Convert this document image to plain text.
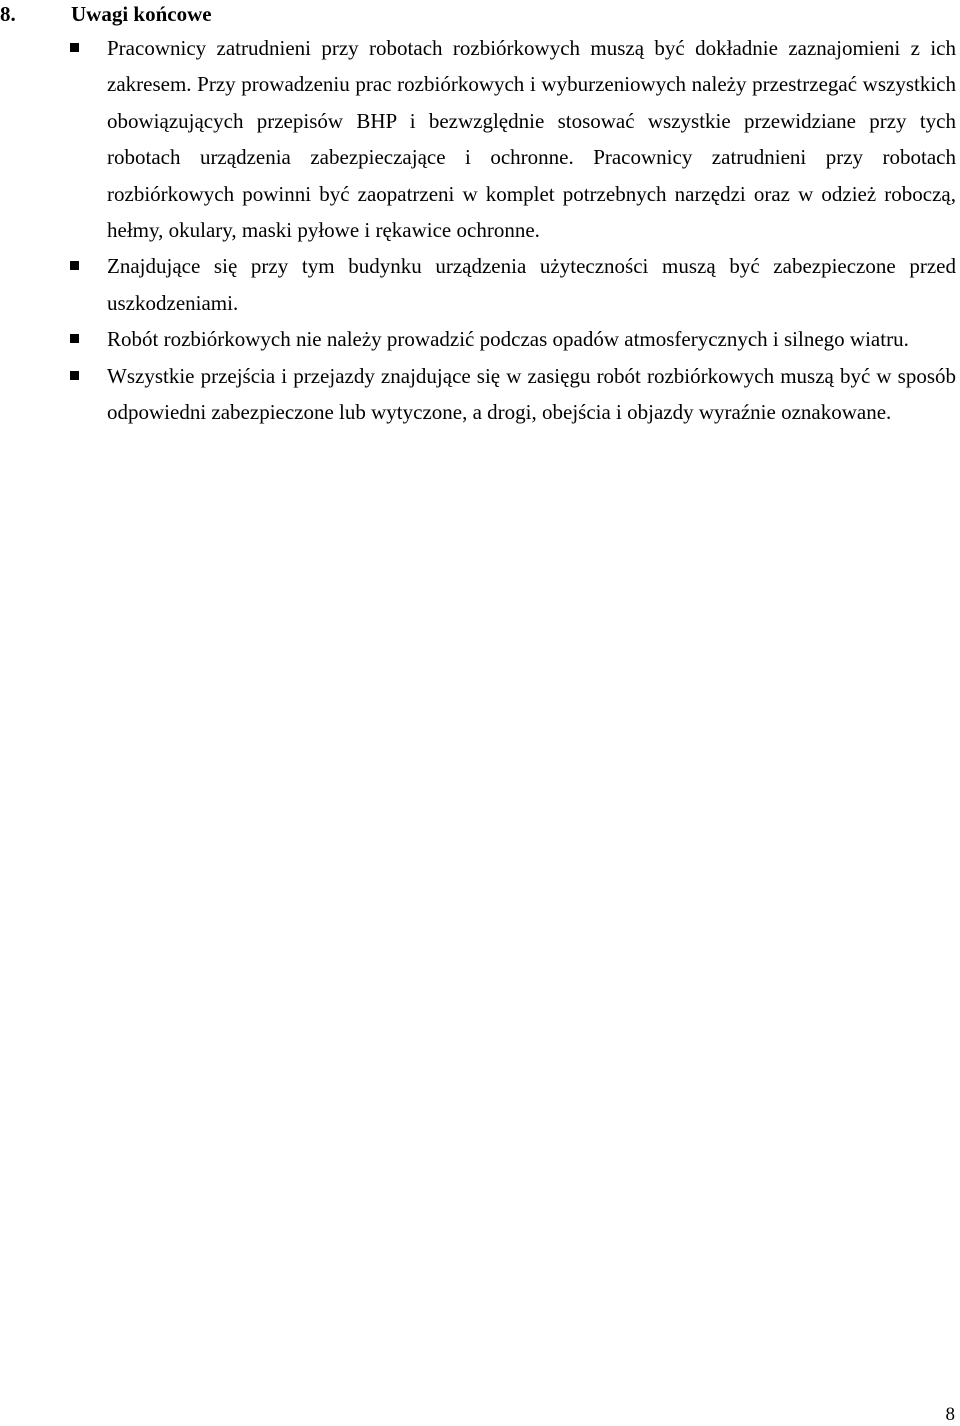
8.	Uwagi końcowe
Pracownicy zatrudnieni przy robotach rozbiórkowych muszą być dokładnie zaznajomieni z ich zakresem. Przy prowadzeniu prac rozbiórkowych i wyburzeniowych należy przestrzegać wszystkich obowiązujących przepisów BHP i bezwzględnie stosować wszystkie przewidziane przy tych robotach urządzenia zabezpieczające i ochronne. Pracownicy zatrudnieni przy robotach rozbiórkowych powinni być zaopatrzeni w komplet potrzebnych narzędzi oraz w odzież roboczą, hełmy, okulary, maski pyłowe i rękawice ochronne.
Znajdujące się przy tym budynku urządzenia użyteczności muszą być zabezpieczone przed uszkodzeniami.
Robót rozbiórkowych nie należy prowadzić podczas opadów atmosferycznych i silnego wiatru.
Wszystkie przejścia i przejazdy znajdujące się w zasięgu robót rozbiórkowych muszą być w sposób odpowiedni zabezpieczone lub wytyczone, a drogi, obejścia i objazdy wyraźnie oznakowane.
8
